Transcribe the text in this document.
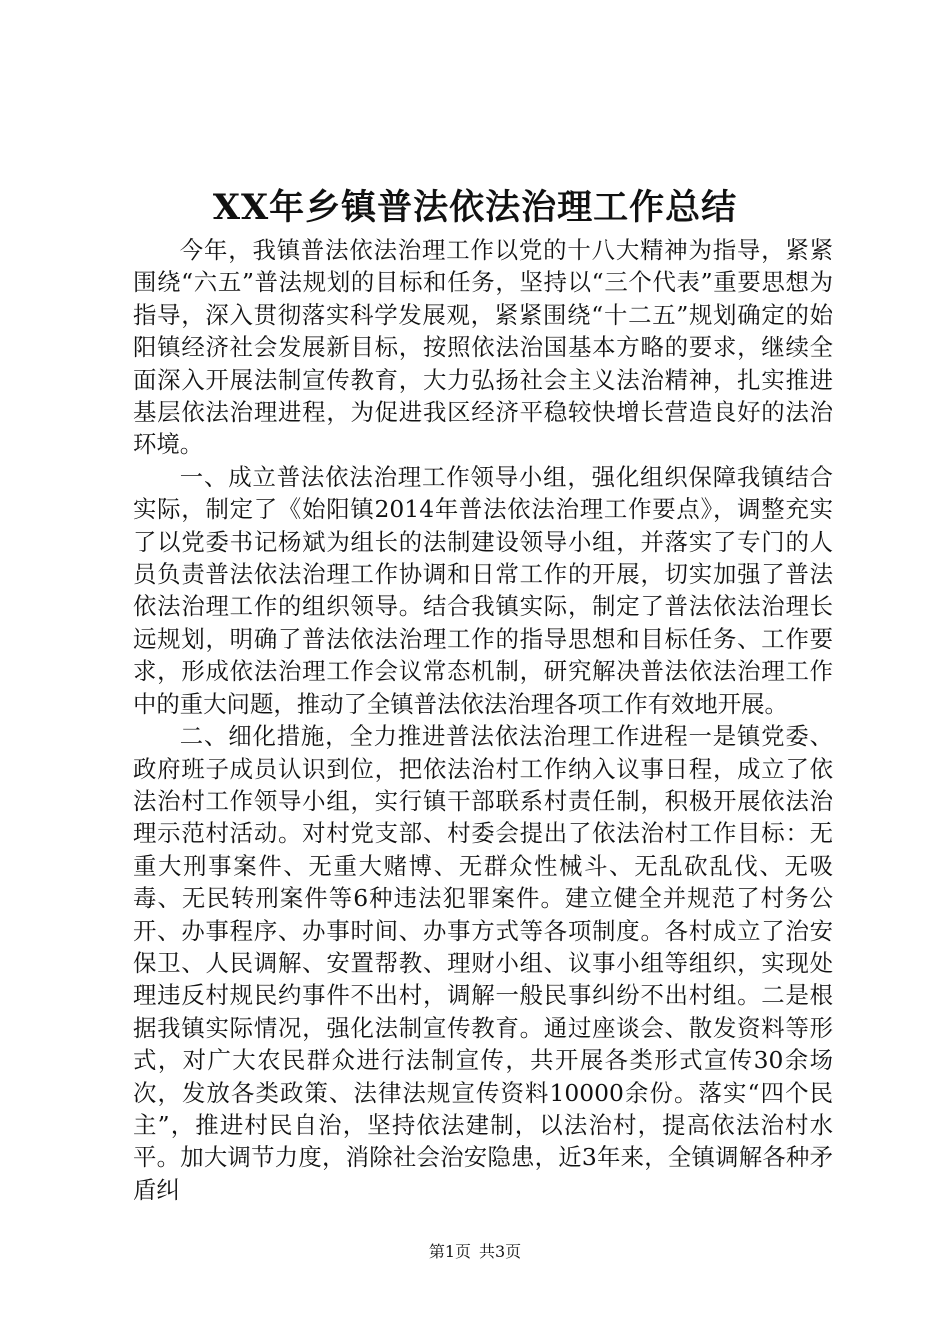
XX年乡镇普法依法治理工作总结

今年，我镇普法依法治理工作以党的十八大精神为指导，紧紧围绕“六五”普法规划的目标和任务，坚持以“三个代表”重要思想为指导，深入贯彻落实科学发展观，紧紧围绕“十二五”规划确定的始阳镇经济社会发展新目标，按照依法治国基本方略的要求，继续全面深入开展法制宣传教育，大力弘扬社会主义法治精神，扎实推进基层依法治理进程，为促进我区经济平稳较快增长营造良好的法治环境。

一、成立普法依法治理工作领导小组，强化组织保障我镇结合实际，制定了《始阳镇2014年普法依法治理工作要点》，调整充实了以党委书记杨斌为组长的法制建设领导小组，并落实了专门的人员负责普法依法治理工作协调和日常工作的开展，切实加强了普法依法治理工作的组织领导。结合我镇实际，制定了普法依法治理长远规划，明确了普法依法治理工作的指导思想和目标任务、工作要求，形成依法治理工作会议常态机制，研究解决普法依法治理工作中的重大问题，推动了全镇普法依法治理各项工作有效地开展。

二、细化措施，全力推进普法依法治理工作进程一是镇党委、政府班子成员认识到位，把依法治村工作纳入议事日程，成立了依法治村工作领导小组，实行镇干部联系村责任制，积极开展依法治理示范村活动。对村党支部、村委会提出了依法治村工作目标：无重大刑事案件、无重大赌博、无群众性械斗、无乱砍乱伐、无吸毒、无民转刑案件等6种违法犯罪案件。建立健全并规范了村务公开、办事程序、办事时间、办事方式等各项制度。各村成立了治安保卫、人民调解、安置帮教、理财小组、议事小组等组织，实现处理违反村规民约事件不出村，调解一般民事纠纷不出村组。二是根据我镇实际情况，强化法制宣传教育。通过座谈会、散发资料等形式，对广大农民群众进行法制宣传，共开展各类形式宣传30余场次，发放各类政策、法律法规宣传资料10000余份。落实“四个民主”，推进村民自治，坚持依法建制，以法治村，提高依法治村水平。加大调节力度，消除社会治安隐患，近3年来，全镇调解各种矛盾纠

第1页 共3页
